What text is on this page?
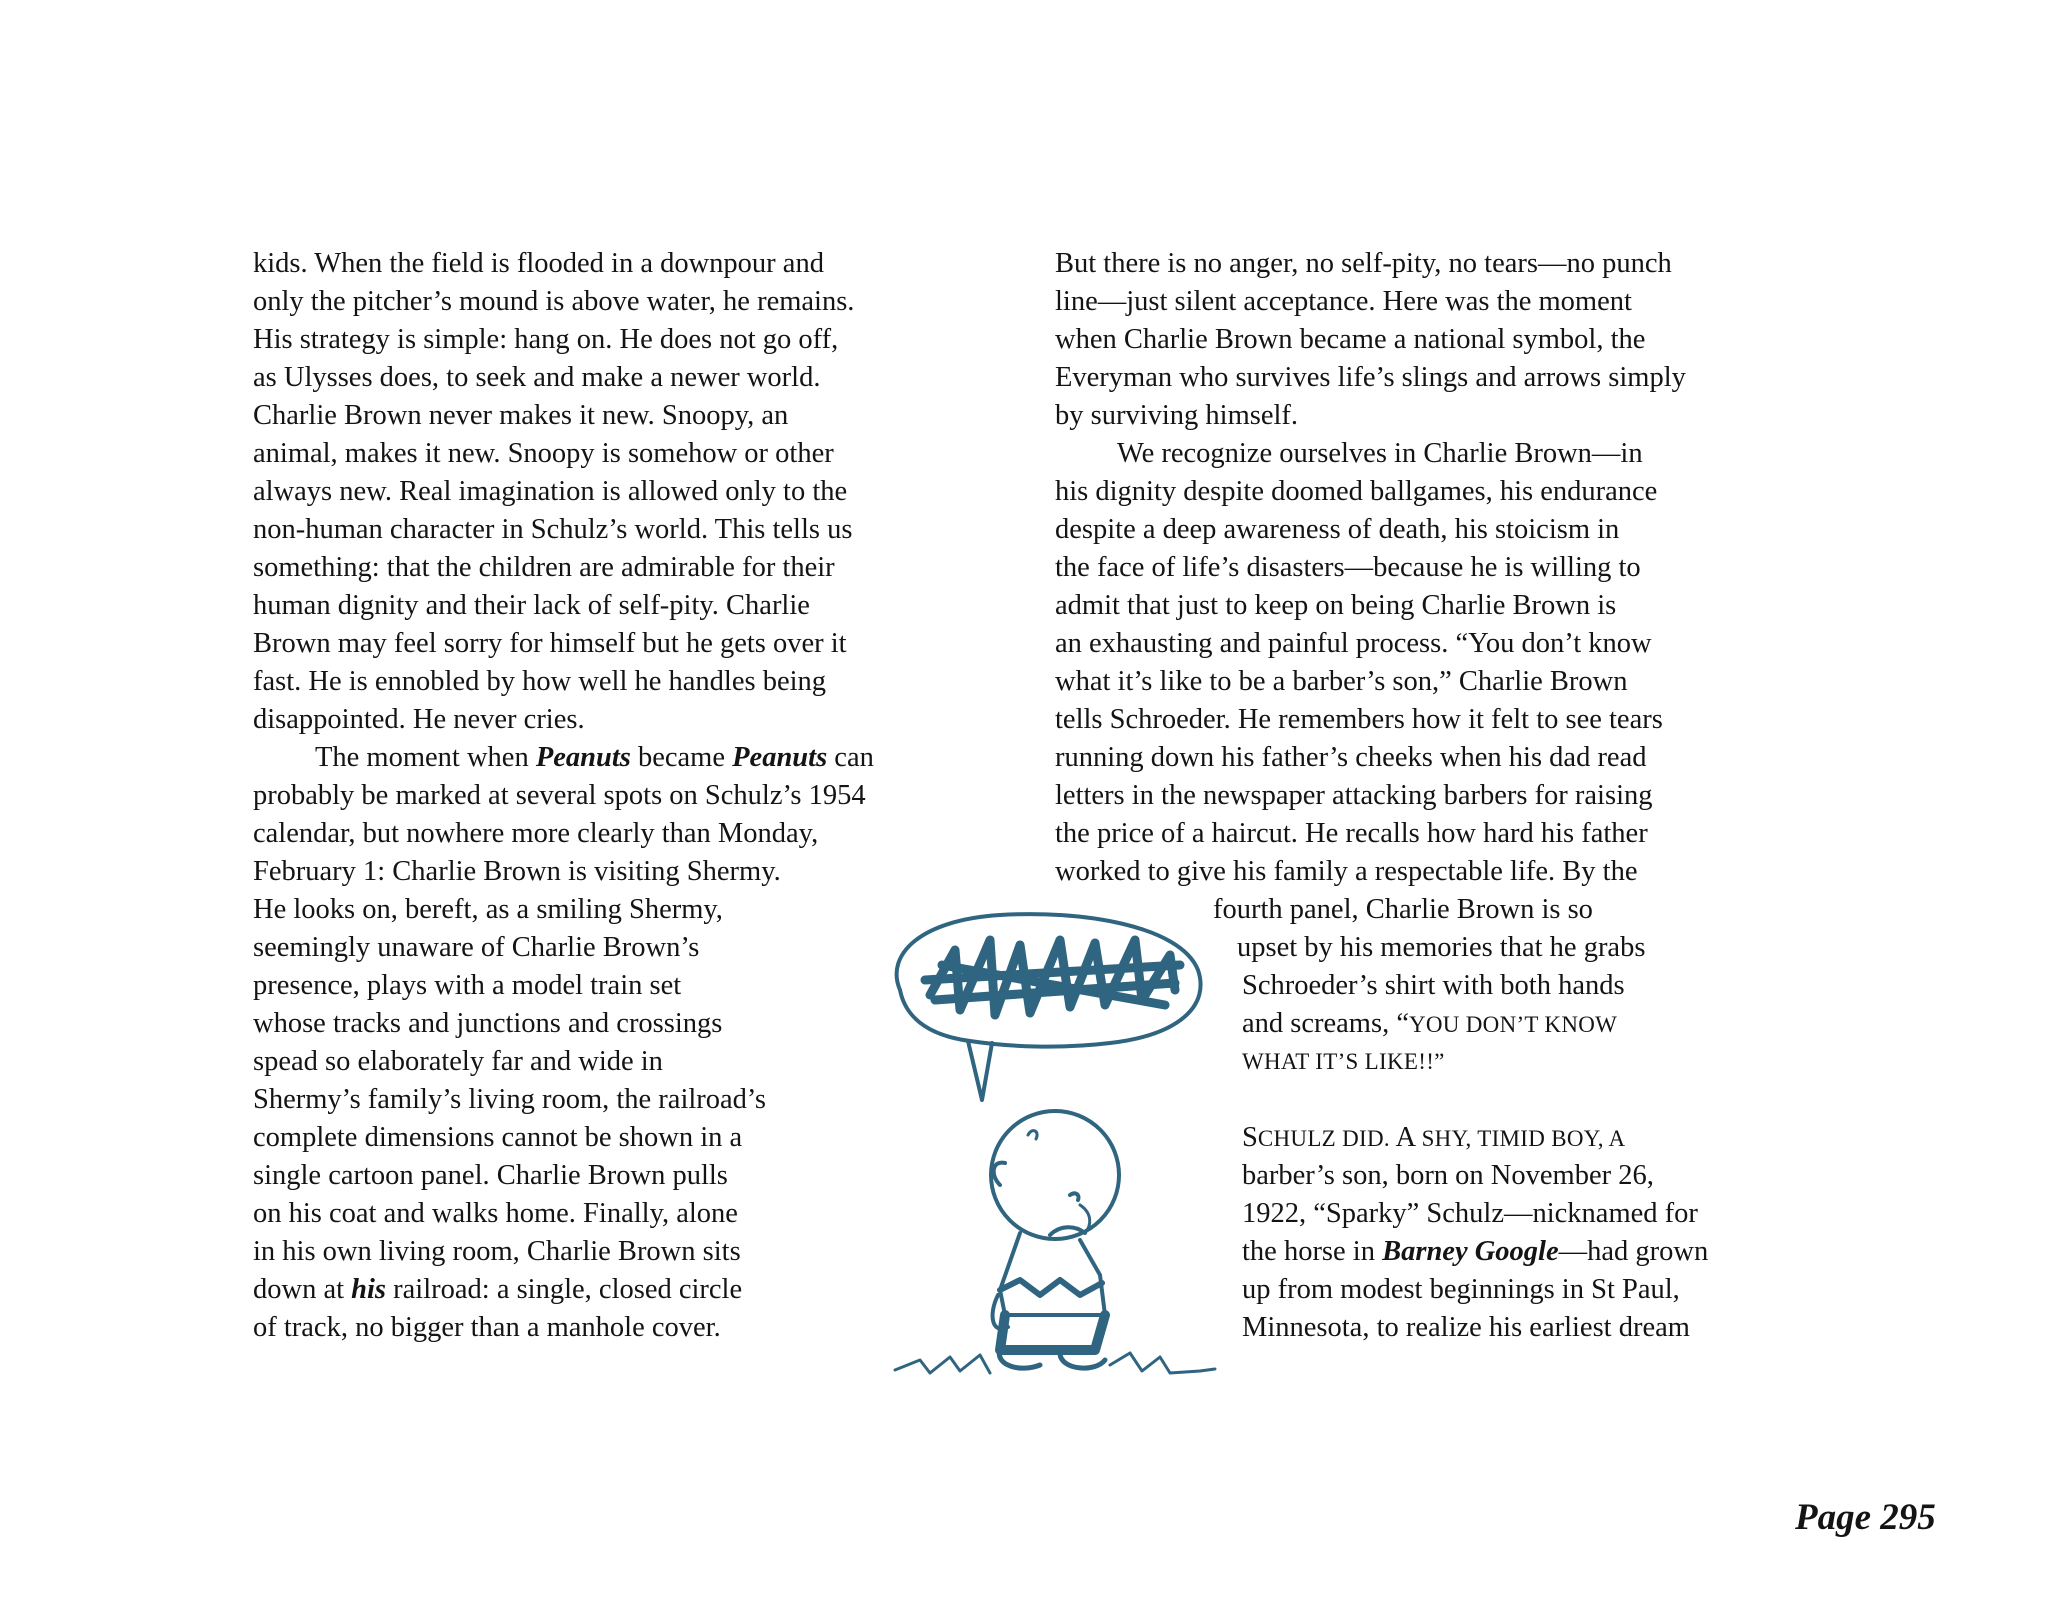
kids. When the field is flooded in a downpour and

only the pitcher’s mound is above water, he remains.

His strategy is simple: hang on. He does not go off,

as Ulysses does, to seek and make a newer world.

Charlie Brown never makes it new. Snoopy, an

animal, makes it new. Snoopy is somehow or other

always new. Real imagination is allowed only to the

non-human character in Schulz’s world. This tells us

something: that the children are admirable for their

human dignity and their lack of self-pity. Charlie

Brown may feel sorry for himself but he gets over it

fast. He is ennobled by how well he handles being

disappointed. He never cries.

The moment when Peanuts became Peanuts can

probably be marked at several spots on Schulz’s 1954

calendar, but nowhere more clearly than Monday,

February 1: Charlie Brown is visiting Shermy.

He looks on, bereft, as a smiling Shermy,

seemingly unaware of Charlie Brown’s

presence, plays with a model train set

whose tracks and junctions and crossings

spead so elaborately far and wide in

Shermy’s family’s living room, the railroad’s

complete dimensions cannot be shown in a

single cartoon panel. Charlie Brown pulls

on his coat and walks home. Finally, alone

in his own living room, Charlie Brown sits

down at his railroad: a single, closed circle

of track, no bigger than a manhole cover.

But there is no anger, no self-pity, no tears—no punch

line—just silent acceptance. Here was the moment

when Charlie Brown became a national symbol, the

Everyman who survives life’s slings and arrows simply

by surviving himself.

We recognize ourselves in Charlie Brown—in

his dignity despite doomed ballgames, his endurance

despite a deep awareness of death, his stoicism in

the face of life’s disasters—because he is willing to

admit that just to keep on being Charlie Brown is

an exhausting and painful process. “You don’t know

what it’s like to be a barber’s son,” Charlie Brown

tells Schroeder. He remembers how it felt to see tears

running down his father’s cheeks when his dad read

letters in the newspaper attacking barbers for raising

the price of a haircut. He recalls how hard his father

worked to give his family a respectable life. By the

fourth panel, Charlie Brown is so

upset by his memories that he grabs

Schroeder’s shirt with both hands

and screams, “YOU DON’T KNOW

WHAT IT’S LIKE!!”

SCHULZ DID. A SHY, TIMID BOY, A

barber’s son, born on November 26,

1922, “Sparky” Schulz—nicknamed for

the horse in Barney Google—had grown

up from modest beginnings in St Paul,

Minnesota, to realize his earliest dream

Page 295
